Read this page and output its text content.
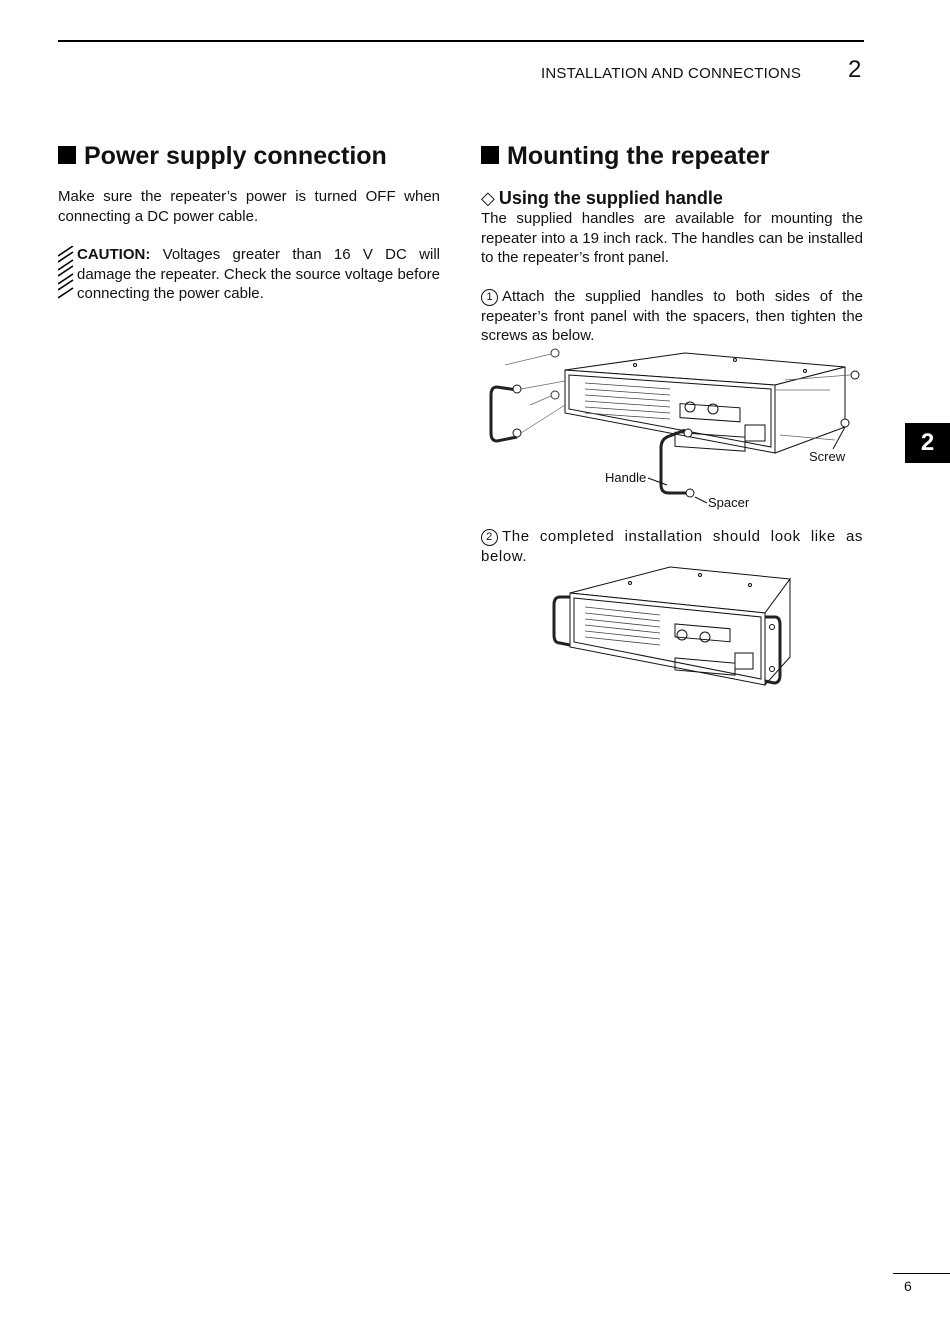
INSTALLATION AND CONNECTIONS 2
2
Power supply connection
Make sure the repeater’s power is turned OFF when connecting a DC power cable.
CAUTION: Voltages greater than 16 V DC will damage the repeater. Check the source voltage before connecting the power cable.
Mounting the repeater
◇ Using the supplied handle
The supplied handles are available for mounting the repeater into a 19 inch rack. The handles can be installed to the repeater’s front panel.
1 Attach the supplied handles to both sides of the repeater’s front panel with the spacers, then tighten the screws as below.
Screw
Handle
Spacer
2 The completed installation should look like as below.
6
